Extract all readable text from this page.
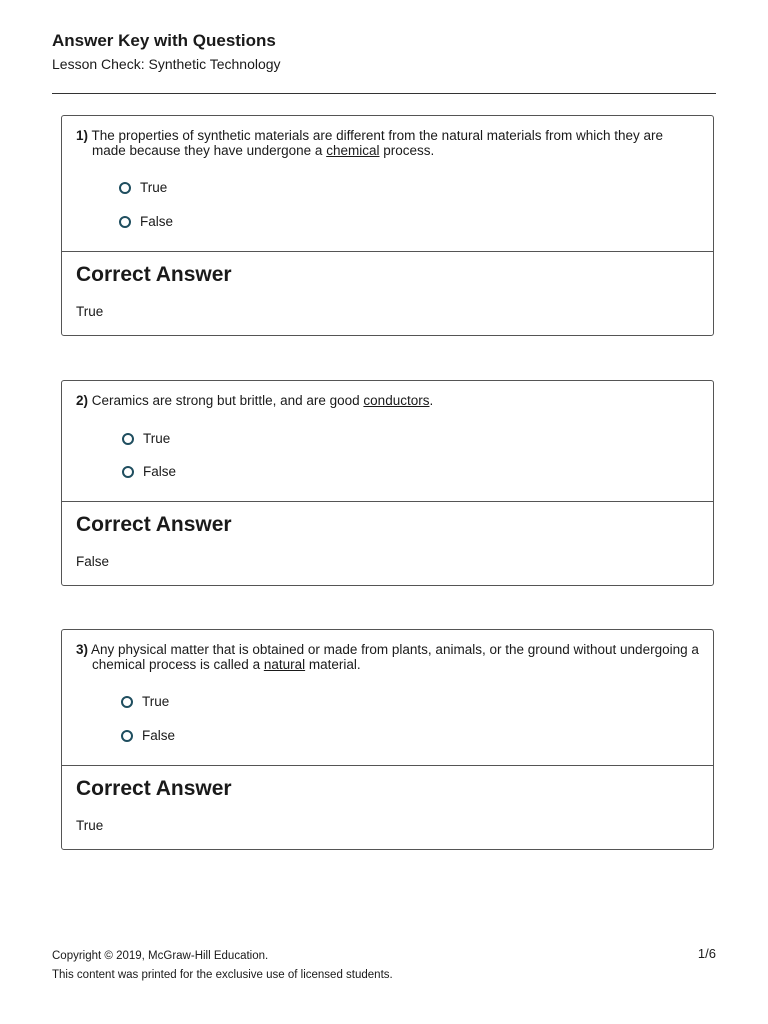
Answer Key with Questions
Lesson Check: Synthetic Technology
1) The properties of synthetic materials are different from the natural materials from which they are made because they have undergone a chemical process.
True
False
Correct Answer
True
2) Ceramics are strong but brittle, and are good conductors.
True
False
Correct Answer
False
3) Any physical matter that is obtained or made from plants, animals, or the ground without undergoing a chemical process is called a natural material.
True
False
Correct Answer
True
Copyright © 2019, McGraw-Hill Education.
This content was printed for the exclusive use of licensed students.
1/6
